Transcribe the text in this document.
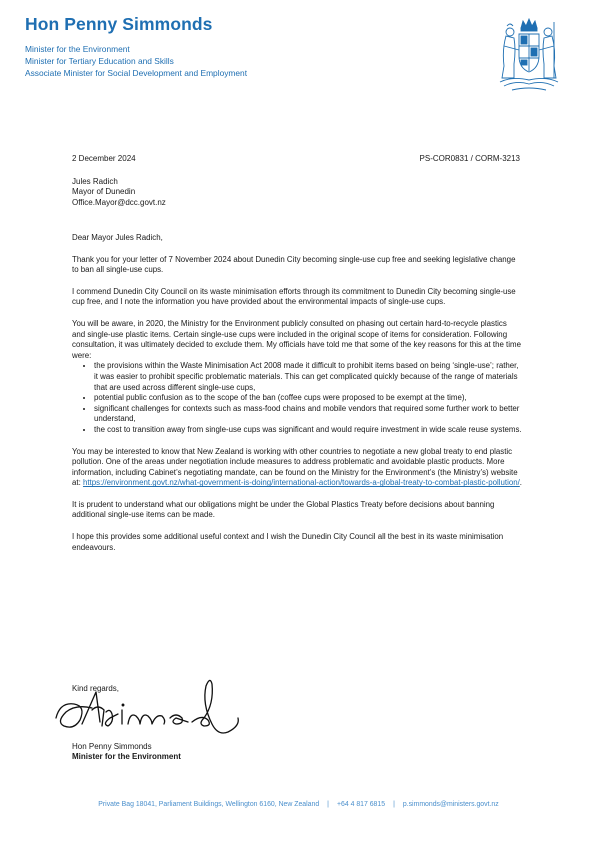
Hon Penny Simmonds
Minister for the Environment
Minister for Tertiary Education and Skills
Associate Minister for Social Development and Employment
2 December 2024	PS-COR0831 / CORM-3213
Jules Radich
Mayor of Dunedin
Office.Mayor@dcc.govt.nz

Dear Mayor Jules Radich,

Thank you for your letter of 7 November 2024 about Dunedin City becoming single-use cup free and seeking legislative change to ban all single-use cups.

I commend Dunedin City Council on its waste minimisation efforts through its commitment to Dunedin City becoming single-use cup free, and I note the information you have provided about the environmental impacts of single-use cups.

You will be aware, in 2020, the Ministry for the Environment publicly consulted on phasing out certain hard-to-recycle plastics and single-use plastic items. Certain single-use cups were included in the original scope of items for consideration. Following consultation, it was ultimately decided to exclude them. My officials have told me that some of the key reasons for this at the time were:

• the provisions within the Waste Minimisation Act 2008 made it difficult to prohibit items based on being ‘single-use’; rather, it was easier to prohibit specific problematic materials. This can get complicated quickly because of the range of materials that are used across different single-use cups,
• potential public confusion as to the scope of the ban (coffee cups were proposed to be exempt at the time),
• significant challenges for contexts such as mass-food chains and mobile vendors that required some further work to better understand,
• the cost to transition away from single-use cups was significant and would require investment in wide scale reuse systems.

You may be interested to know that New Zealand is working with other countries to negotiate a new global treaty to end plastic pollution. One of the areas under negotiation include measures to address problematic and avoidable plastic products. More information, including Cabinet’s negotiating mandate, can be found on the Ministry for the Environment’s (the Ministry’s) website at: https://environment.govt.nz/what-government-is-doing/international-action/towards-a-global-treaty-to-combat-plastic-pollution/.

It is prudent to understand what our obligations might be under the Global Plastics Treaty before decisions about banning additional single-use items can be made.

I hope this provides some additional useful context and I wish the Dunedin City Council all the best in its waste minimisation endeavours.

Kind regards,
Hon Penny Simmonds
Minister for the Environment
Private Bag 18041, Parliament Buildings, Wellington 6160, New Zealand | +64 4 817 6815 | p.simmonds@ministers.govt.nz
